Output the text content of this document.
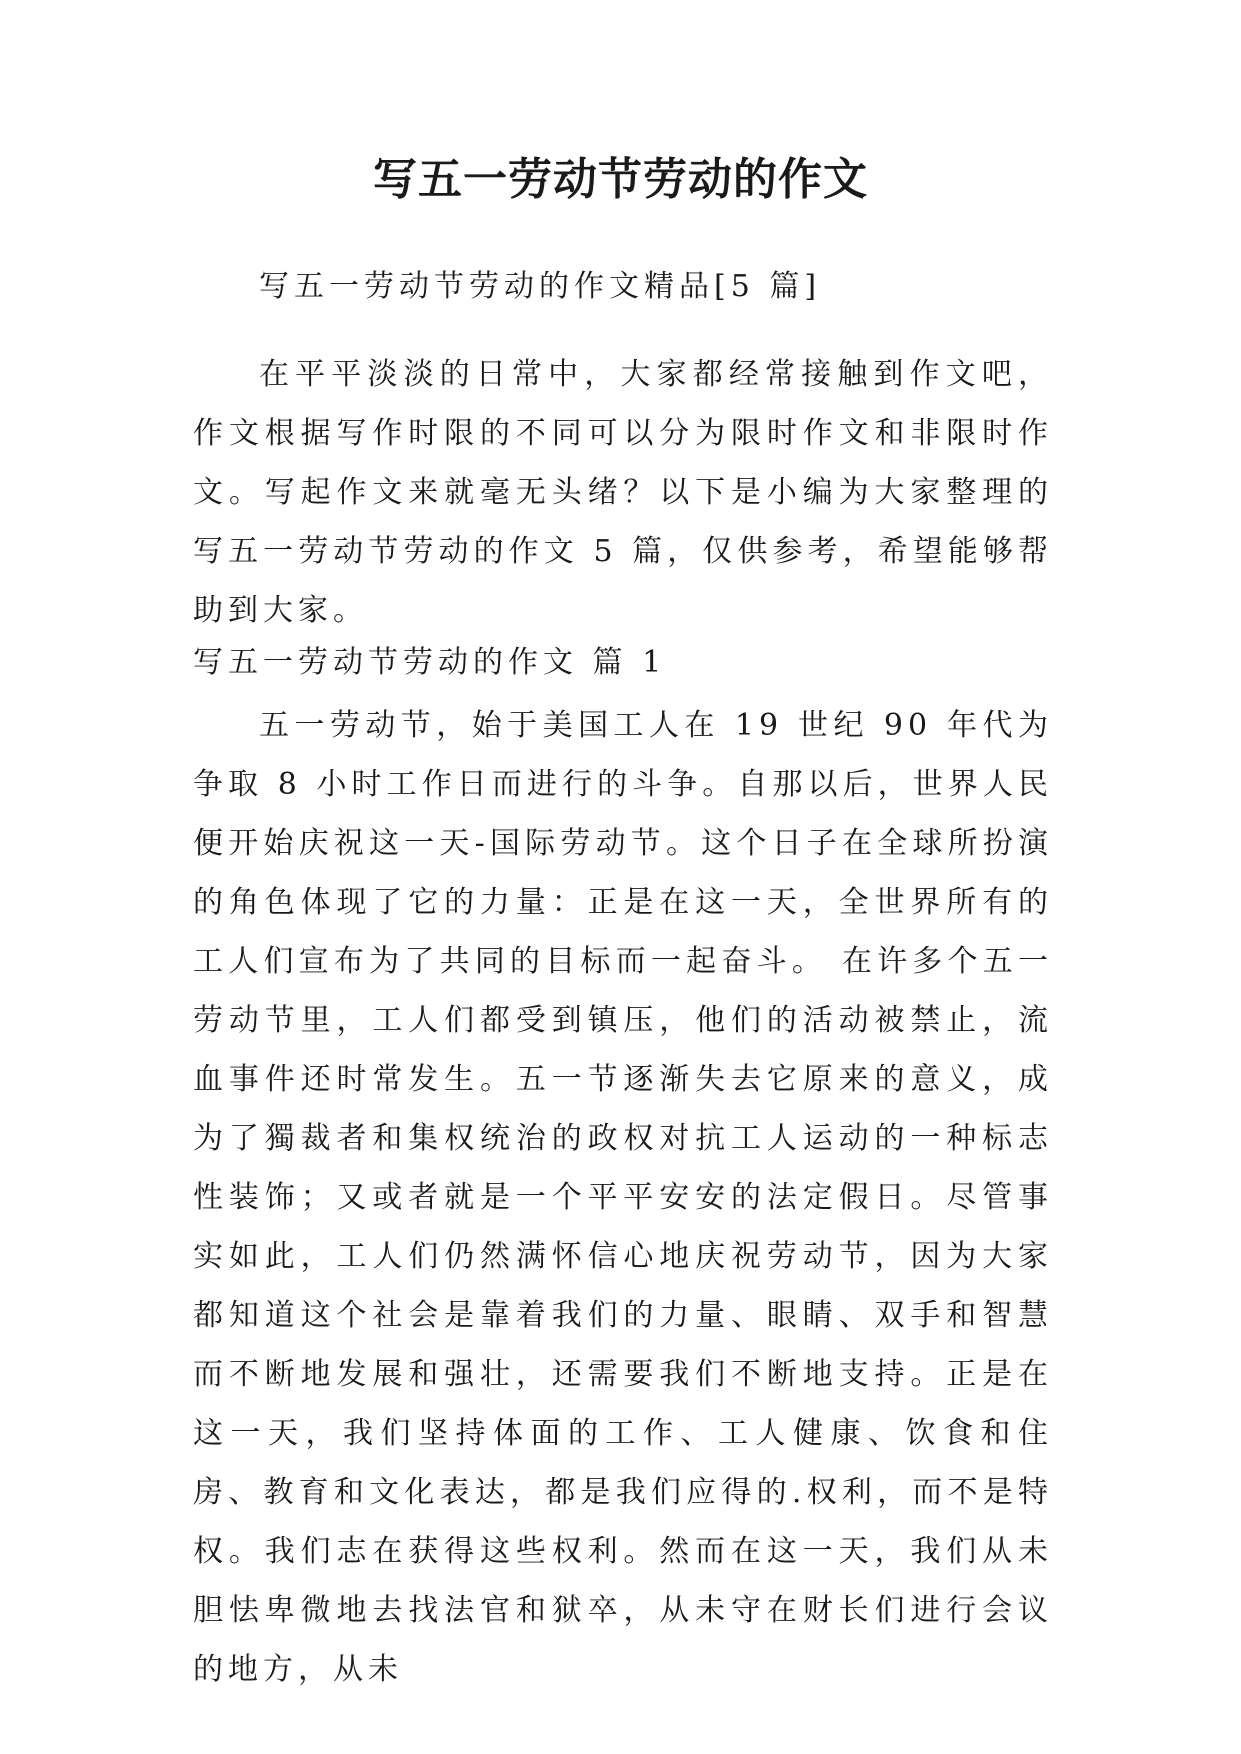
写五一劳动节劳动的作文

写五一劳动节劳动的作文精品[5 篇]

在平平淡淡的日常中，大家都经常接触到作文吧，作文根据写作时限的不同可以分为限时作文和非限时作文。写起作文来就毫无头绪？以下是小编为大家整理的写五一劳动节劳动的作文 5 篇，仅供参考，希望能够帮助到大家。

写五一劳动节劳动的作文 篇 1

五一劳动节，始于美国工人在 19 世纪 90 年代为争取 8 小时工作日而进行的斗争。自那以后，世界人民便开始庆祝这一天-国际劳动节。这个日子在全球所扮演的角色体现了它的力量：正是在这一天，全世界所有的工人们宣布为了共同的目标而一起奋斗。 在许多个五一劳动节里，工人们都受到镇压，他们的活动被禁止，流血事件还时常发生。五一节逐渐失去它原来的意义，成为了獨裁者和集权统治的政权对抗工人运动的一种标志性装饰；又或者就是一个平平安安的法定假日。尽管事实如此，工人们仍然满怀信心地庆祝劳动节，因为大家都知道这个社会是靠着我们的力量、眼睛、双手和智慧而不断地发展和强壮，还需要我们不断地支持。正是在这一天，我们坚持体面的工作、工人健康、饮食和住房、教育和文化表达，都是我们应得的.权利，而不是特权。我们志在获得这些权利。然而在这一天，我们从未胆怯卑微地去找法官和狱卒，从未守在财长们进行会议的地方，从未
